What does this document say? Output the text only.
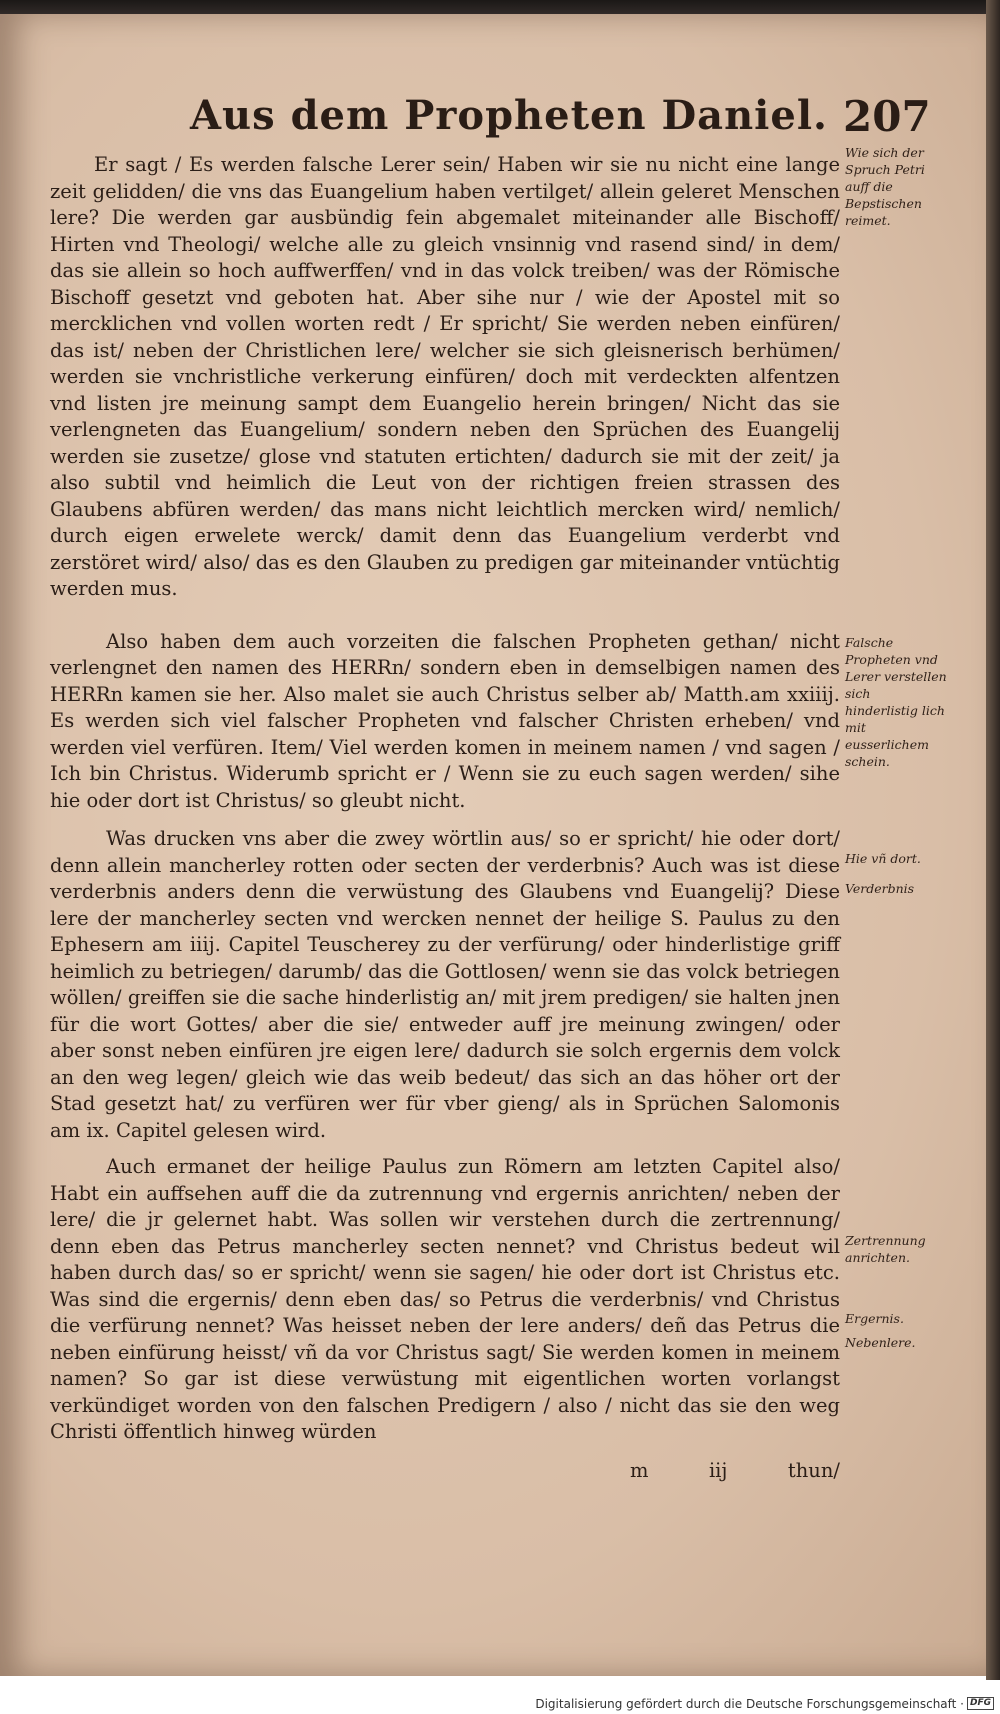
Aus dem Propheten Daniel. 207

Er sagt / Es werden falsche Lerer sein/ Haben wir sie nu nicht eine lange zeit gelidden/ die vns das Euangelium haben vertilget/ allein geleret Menschen lere? Die werden gar ausbündig fein abgemalet miteinander alle Bischoff/ Hirten vnd Theologi/ welche alle zu gleich vnsinnig vnd rasend sind/ in dem/ das sie allein so hoch auffwerffen/ vnd in das volck treiben/ was der Römische Bischoff gesetzt vnd geboten hat. Aber sihe nur / wie der Apostel mit so mercklichen vnd vollen worten redt / Er spricht/ Sie werden neben einfüren/ das ist/ neben der Christlichen lere/ welcher sie sich gleisnerisch berhümen/ werden sie vnchristliche verkerung einfüren/ doch mit verdeckten alfentzen vnd listen jre meinung sampt dem Euangelio herein bringen/ Nicht das sie verlengneten das Euangelium/ sondern neben den Sprüchen des Euangelij werden sie zusetze/ glose vnd statuten ertichten/ dadurch sie mit der zeit/ ja also subtil vnd heimlich die Leut von der richtigen freien strassen des Glaubens abfüren werden/ das mans nicht leichtlich mercken wird/ nemlich/ durch eigen erwelete werck/ damit denn das Euangelium verderbt vnd zerstöret wird/ also/ das es den Glauben zu predigen gar miteinander vntüchtig werden mus.

Also haben dem auch vorzeiten die falschen Propheten gethan/ nicht verlengnet den namen des HERRn/ sondern eben in demselbigen namen des HERRn kamen sie her. Also malet sie auch Christus selber ab/ Matth.am xxiiij. Es werden sich viel falscher Propheten vnd falscher Christen erheben/ vnd werden viel verfüren. Item/ Viel werden komen in meinem namen / vnd sagen / Ich bin Christus. Widerumb spricht er / Wenn sie zu euch sagen werden/ sihe hie oder dort ist Christus/ so gleubt nicht.

Was drucken vns aber die zwey wörtlin aus/ so er spricht/ hie oder dort/ denn allein mancherley rotten oder secten der verderbnis? Auch was ist diese verderbnis anders denn die verwüstung des Glaubens vnd Euangelij? Diese lere der mancherley secten vnd wercken nennet der heilige S. Paulus zu den Ephesern am iiij. Capitel Teuscherey zu der verfürung/ oder hinderlistige griff heimlich zu betriegen/ darumb/ das die Gottlosen/ wenn sie das volck betriegen wöllen/ greiffen sie die sache hinderlistig an/ mit jrem predigen/ sie halten jnen für die wort Gottes/ aber die sie/ entweder auff jre meinung zwingen/ oder aber sonst neben einfüren jre eigen lere/ dadurch sie solch ergernis dem volck an den weg legen/ gleich wie das weib bedeut/ das sich an das höher ort der Stad gesetzt hat/ zu verfüren wer für vber gieng/ als in Sprüchen Salomonis am ix. Capitel gelesen wird.

Auch ermanet der heilige Paulus zun Römern am letzten Capitel also/ Habt ein auffsehen auff die da zutrennung vnd ergernis anrichten/ neben der lere/ die jr gelernet habt. Was sollen wir verstehen durch die zertrennung/ denn eben das Petrus mancherley secten nennet? vnd Christus bedeut wil haben durch das/ so er spricht/ wenn sie sagen/ hie oder dort ist Christus etc. Was sind die ergernis/ denn eben das/ so Petrus die verderbnis/ vnd Christus die verfürung nennet? Was heisset neben der lere anders/ deñ das Petrus die neben einfürung heisst/ vñ da vor Christus sagt/ Sie werden komen in meinem namen? So gar ist diese verwüstung mit eigentlichen worten vorlangst verkündiget worden von den falschen Predigern / also / nicht das sie den weg Christi öffentlich hinweg würden

m	iij	thun/
Wie sich der Spruch Petri auff die Bepstischen reimet.
Falsche Propheten vnd Lerer verstellen sich hinderlistig lich mit eusserlichem schein.
Hie vñ dort.
Verderbnis
Zertrennung anrichten.
Ergernis.
Nebenlere.
Digitalisierung gefördert durch die Deutsche Forschungsgemeinschaft · DFG
